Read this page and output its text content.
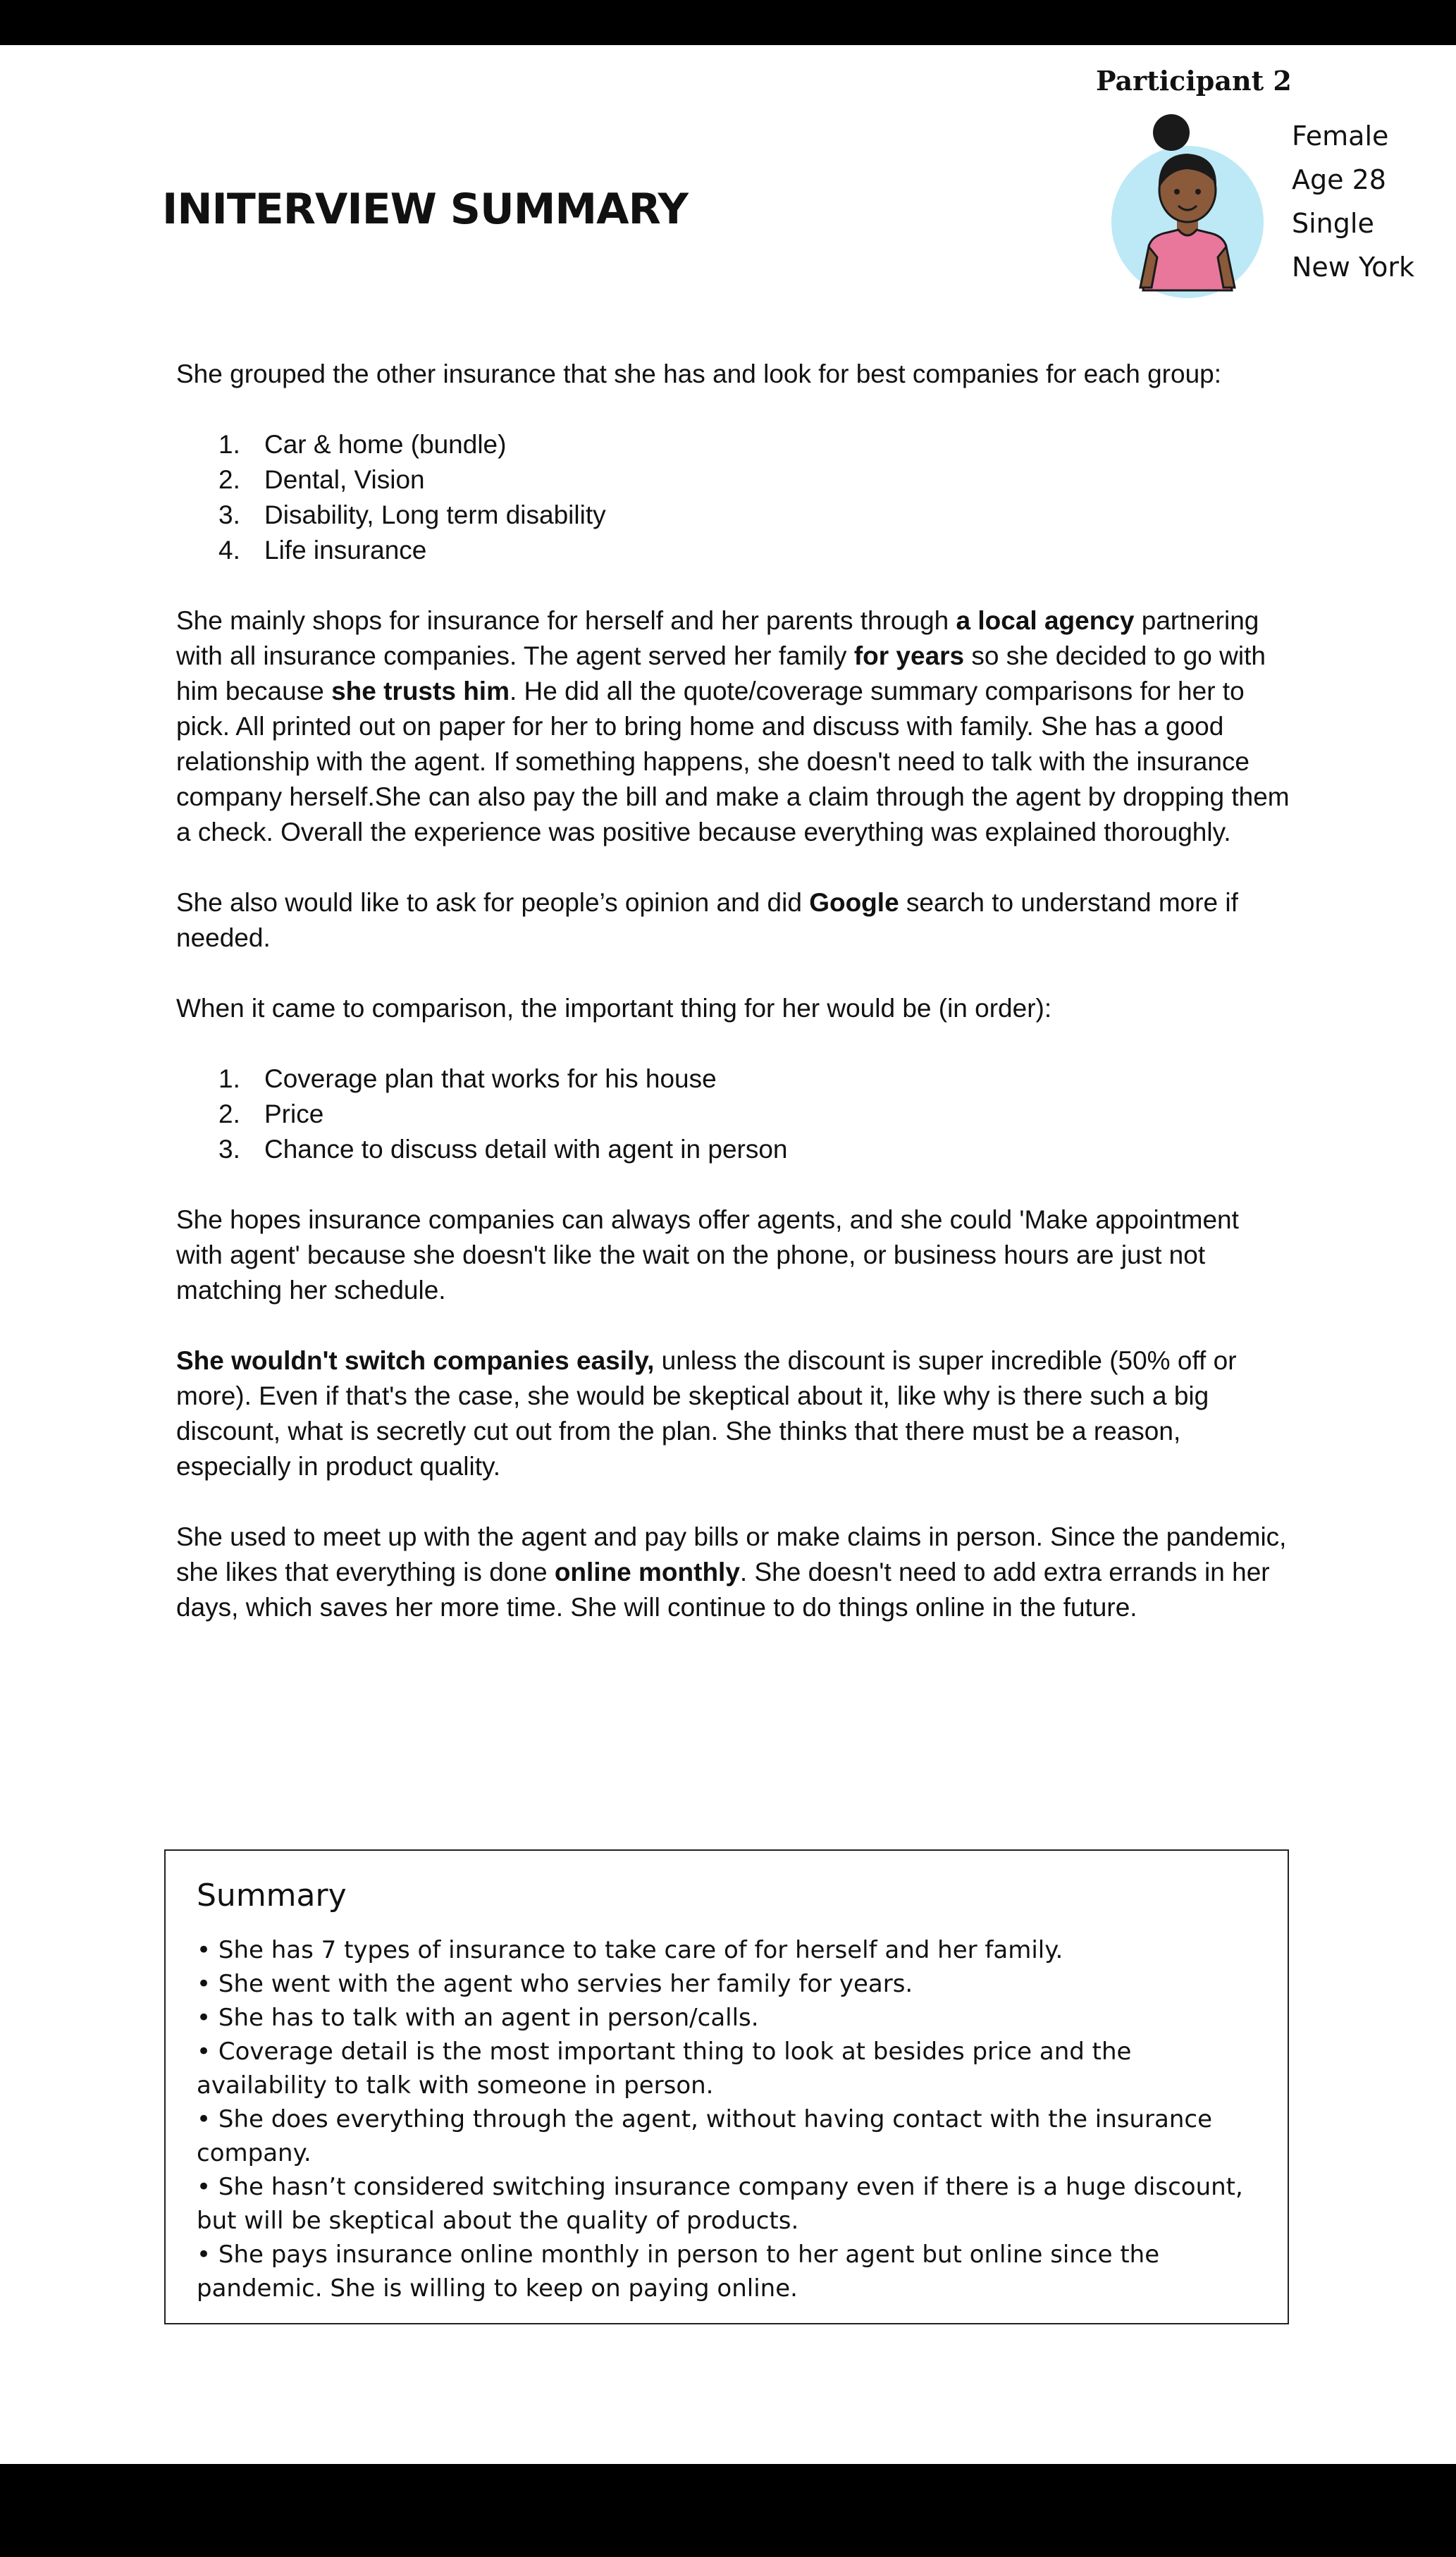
INITERVIEW SUMMARY
Participant 2
Female
Age 28
Single
New York

She grouped the other insurance that she has and look for best companies for each group:

1. Car & home (bundle)
2. Dental, Vision
3. Disability, Long term disability
4. Life insurance

She mainly shops for insurance for herself and her parents through a local agency partnering with all insurance companies. The agent served her family for years so she decided to go with him because she trusts him. He did all the quote/coverage summary comparisons for her to pick. All printed out on paper for her to bring home and discuss with family. She has a good relationship with the agent. If something happens, she doesn't need to talk with the insurance company herself.She can also pay the bill and make a claim through the agent by dropping them a check. Overall the experience was positive because everything was explained thoroughly.

She also would like to ask for people’s opinion and did Google search to understand more if needed.

When it came to comparison, the important thing for her would be (in order):

1. Coverage plan that works for his house
2. Price
3. Chance to discuss detail with agent in person

She hopes insurance companies can always offer agents, and she could 'Make appointment with agent' because she doesn't like the wait on the phone, or business hours are just not matching her schedule.

She wouldn't switch companies easily, unless the discount is super incredible (50% off or more). Even if that's the case, she would be skeptical about it, like why is there such a big discount, what is secretly cut out from the plan. She thinks that there must be a reason, especially in product quality.

She used to meet up with the agent and pay bills or make claims in person. Since the pandemic, she likes that everything is done online monthly. She doesn't need to add extra errands in her days, which saves her more time. She will continue to do things online in the future.

Summary
• She has 7 types of insurance to take care of for herself and her family.
• She went with the agent who servies her family for years.
• She has to talk with an agent in person/calls.
• Coverage detail is the most important thing to look at besides price and the availability to talk with someone in person.
• She does everything through the agent, without having contact with the insurance company.
• She hasn’t considered switching insurance company even if there is a huge discount, but will be skeptical about the quality of products.
• She pays insurance online monthly in person to her agent but online since the pandemic. She is willing to keep on paying online.
